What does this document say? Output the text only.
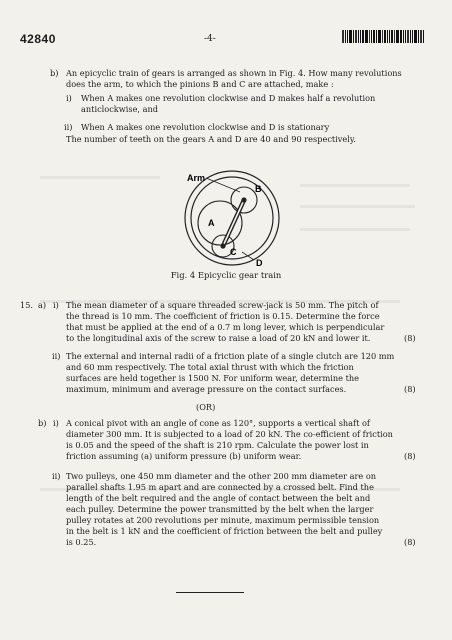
42840	-4-
b) An epicyclic train of gears is arranged as shown in Fig. 4. How many revolutions
does the arm, to which the pinions B and C are attached, make :
i) When A makes one revolution clockwise and D makes half a revolution
anticlockwise, and
ii) When A makes one revolution clockwise and D is stationary
The number of teeth on the gears A and D are 40 and 90 respectively.
Arm
A
B
C
D
Fig. 4 Epicyclic gear train
15. a) i) The mean diameter of a square threaded screw-jack is 50 mm. The pitch of
the thread is 10 mm. The coefficient of friction is 0.15. Determine the force
that must be applied at the end of a 0.7 m long lever, which is perpendicular
to the longitudinal axis of the screw to raise a load of 20 kN and lower it.	(8)
ii) The external and internal radii of a friction plate of a single clutch are 120 mm
and 60 mm respectively. The total axial thrust with which the friction
surfaces are held together is 1500 N. For uniform wear, determine the
maximum, minimum and average pressure on the contact surfaces.	(8)
(OR)
b) i) A conical pivot with an angle of cone as 120°, supports a vertical shaft of
diameter 300 mm. It is subjected to a load of 20 kN. The co-efficient of friction
is 0.05 and the speed of the shaft is 210 rpm. Calculate the power lost in
friction assuming (a) uniform pressure (b) uniform wear.	(8)
ii) Two pulleys, one 450 mm diameter and the other 200 mm diameter are on
parallel shafts 1.95 m apart and are connected by a crossed belt. Find the
length of the belt required and the angle of contact between the belt and
each pulley. Determine the power transmitted by the belt when the larger
pulley rotates at 200 revolutions per minute, maximum permissible tension
in the belt is 1 kN and the coefficient of friction between the belt and pulley
is 0.25.	(8)
